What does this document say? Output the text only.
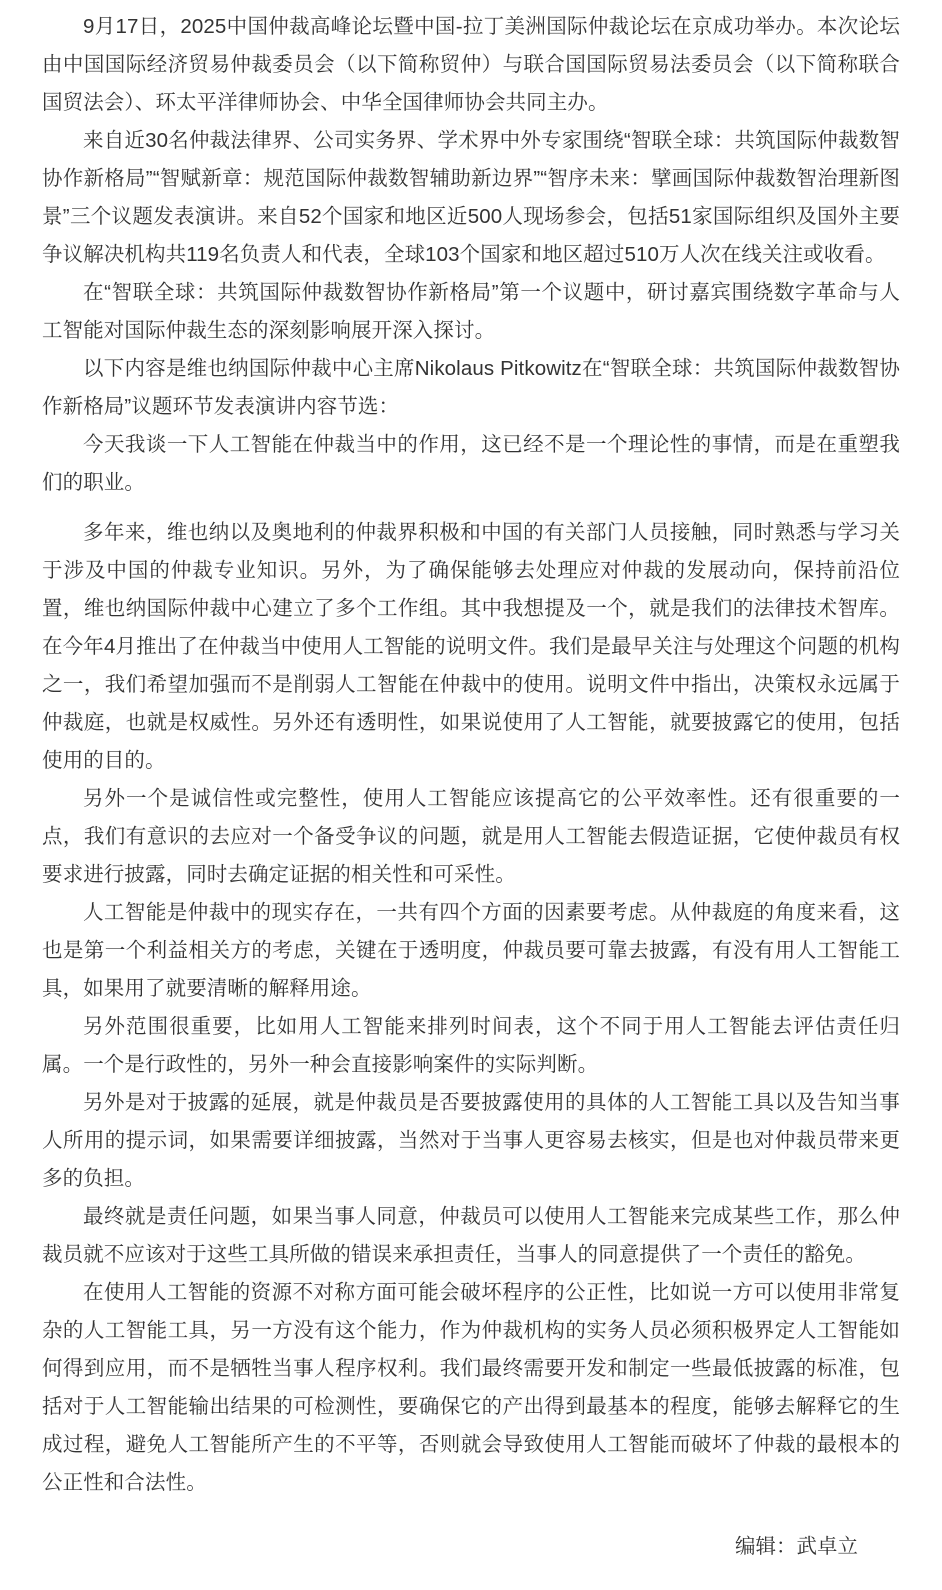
9月17日，2025中国仲裁高峰论坛暨中国-拉丁美洲国际仲裁论坛在京成功举办。本次论坛由中国国际经济贸易仲裁委员会（以下简称贸仲）与联合国国际贸易法委员会（以下简称联合国贸法会）、环太平洋律师协会、中华全国律师协会共同主办。

来自近30名仲裁法律界、公司实务界、学术界中外专家围绕“智联全球：共筑国际仲裁数智协作新格局”“智赋新章：规范国际仲裁数智辅助新边界”“智序未来：擘画国际仲裁数智治理新图景”三个议题发表演讲。来自52个国家和地区近500人现场参会，包括51家国际组织及国外主要争议解决机构共119名负责人和代表，全球103个国家和地区超过510万人次在线关注或收看。

在“智联全球：共筑国际仲裁数智协作新格局”第一个议题中，研讨嘉宾围绕数字革命与人工智能对国际仲裁生态的深刻影响展开深入探讨。

以下内容是维也纳国际仲裁中心主席Nikolaus Pitkowitz在“智联全球：共筑国际仲裁数智协作新格局”议题环节发表演讲内容节选：

今天我谈一下人工智能在仲裁当中的作用，这已经不是一个理论性的事情，而是在重塑我们的职业。

多年来，维也纳以及奥地利的仲裁界积极和中国的有关部门人员接触，同时熟悉与学习关于涉及中国的仲裁专业知识。另外，为了确保能够去处理应对仲裁的发展动向，保持前沿位置，维也纳国际仲裁中心建立了多个工作组。其中我想提及一个，就是我们的法律技术智库。在今年4月推出了在仲裁当中使用人工智能的说明文件。我们是最早关注与处理这个问题的机构之一，我们希望加强而不是削弱人工智能在仲裁中的使用。说明文件中指出，决策权永远属于仲裁庭，也就是权威性。另外还有透明性，如果说使用了人工智能，就要披露它的使用，包括使用的目的。

另外一个是诚信性或完整性，使用人工智能应该提高它的公平效率性。还有很重要的一点，我们有意识的去应对一个备受争议的问题，就是用人工智能去假造证据，它使仲裁员有权要求进行披露，同时去确定证据的相关性和可采性。

人工智能是仲裁中的现实存在，一共有四个方面的因素要考虑。从仲裁庭的角度来看，这也是第一个利益相关方的考虑，关键在于透明度，仲裁员要可靠去披露，有没有用人工智能工具，如果用了就要清晰的解释用途。

另外范围很重要，比如用人工智能来排列时间表，这个不同于用人工智能去评估责任归属。一个是行政性的，另外一种会直接影响案件的实际判断。

另外是对于披露的延展，就是仲裁员是否要披露使用的具体的人工智能工具以及告知当事人所用的提示词，如果需要详细披露，当然对于当事人更容易去核实，但是也对仲裁员带来更多的负担。

最终就是责任问题，如果当事人同意，仲裁员可以使用人工智能来完成某些工作，那么仲裁员就不应该对于这些工具所做的错误来承担责任，当事人的同意提供了一个责任的豁免。

在使用人工智能的资源不对称方面可能会破坏程序的公正性，比如说一方可以使用非常复杂的人工智能工具，另一方没有这个能力，作为仲裁机构的实务人员必须积极界定人工智能如何得到应用，而不是牺牲当事人程序权利。我们最终需要开发和制定一些最低披露的标准，包括对于人工智能输出结果的可检测性，要确保它的产出得到最基本的程度，能够去解释它的生成过程，避免人工智能所产生的不平等，否则就会导致使用人工智能而破坏了仲裁的最根本的公正性和合法性。

编辑：武卓立
